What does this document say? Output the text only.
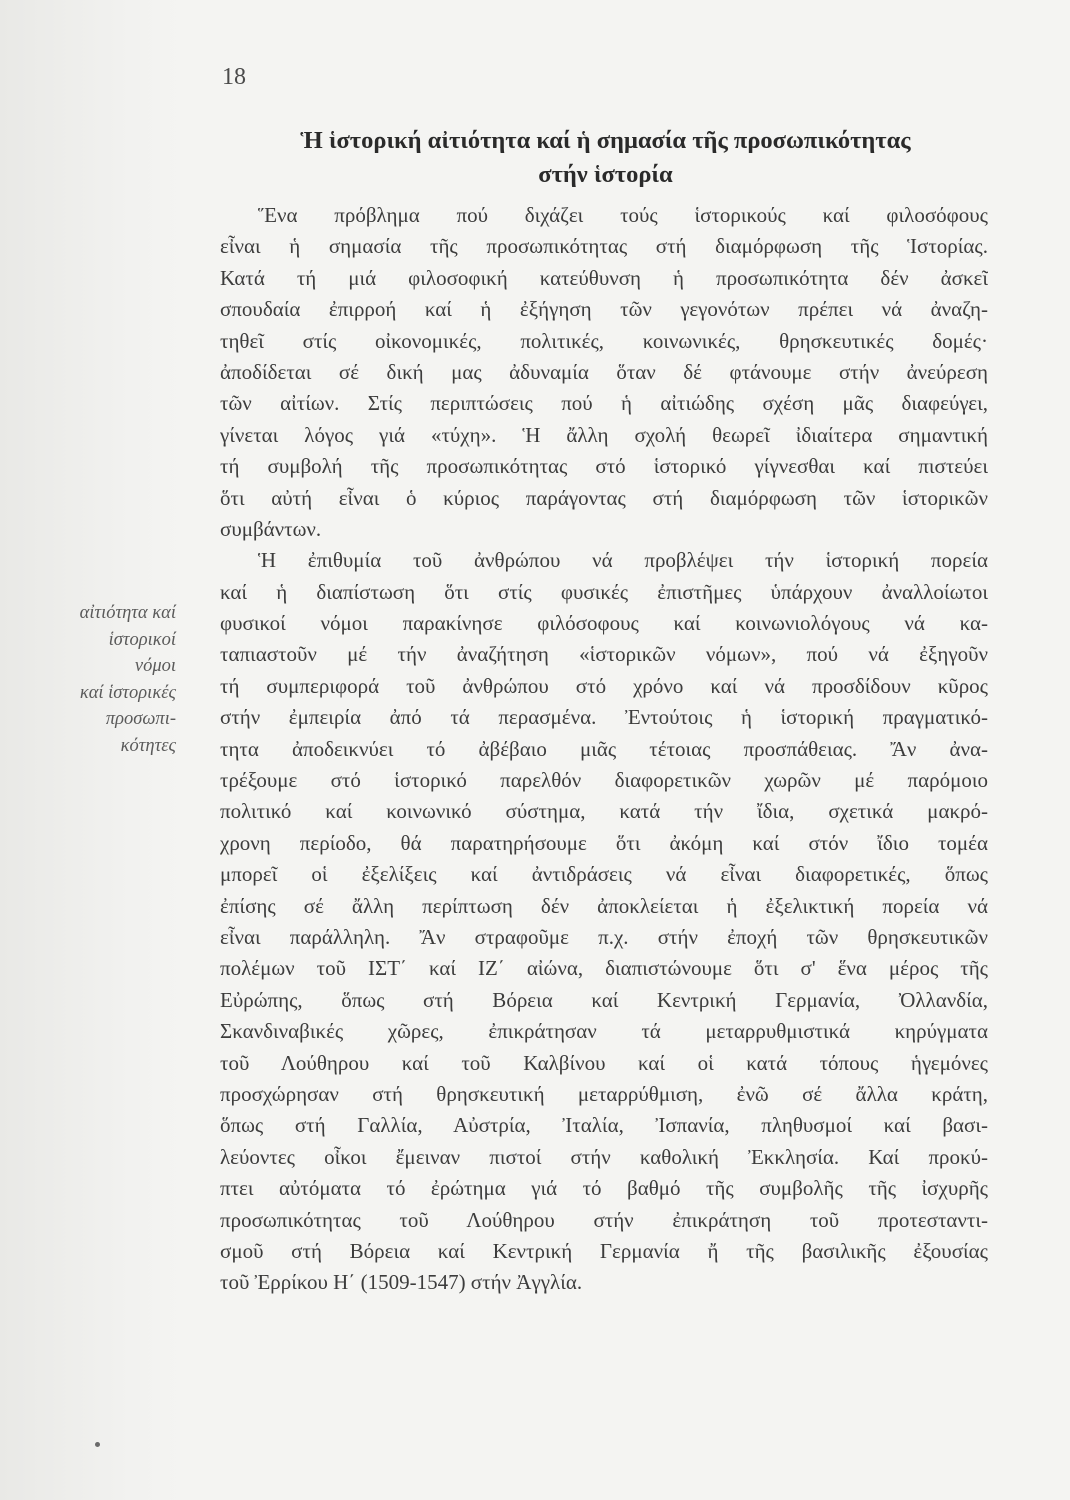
18
Ἡ ἱστορική αἰτιότητα καί ἡ σημασία τῆς προσωπικότητας
στήν ἱστορία
αἰτιότητα καί
ἱστορικοί
νόμοι
καί ἱστορικές
προσωπι-
κότητες
Ἕνα πρόβλημα πού διχάζει τούς ἱστορικούς καί φιλοσόφους
εἶναι ἡ σημασία τῆς προσωπικότητας στή διαμόρφωση τῆς Ἱστορίας.
Κατά τή μιά φιλοσοφική κατεύθυνση ἡ προσωπικότητα δέν ἀσκεῖ
σπουδαία ἐπιρροή καί ἡ ἐξήγηση τῶν γεγονότων πρέπει νά ἀναζη-
τηθεῖ στίς οἰκονομικές, πολιτικές, κοινωνικές, θρησκευτικές δομές·
ἀποδίδεται σέ δική μας ἀδυναμία ὅταν δέ φτάνουμε στήν ἀνεύρεση
τῶν αἰτίων. Στίς περιπτώσεις πού ἡ αἰτιώδης σχέση μᾶς διαφεύγει,
γίνεται λόγος γιά «τύχη». Ἡ ἄλλη σχολή θεωρεῖ ἰδιαίτερα σημαντική
τή συμβολή τῆς προσωπικότητας στό ἱστορικό γίγνεσθαι καί πιστεύει
ὅτι αὐτή εἶναι ὁ κύριος παράγοντας στή διαμόρφωση τῶν ἱστορικῶν
συμβάντων.
Ἡ ἐπιθυμία τοῦ ἀνθρώπου νά προβλέψει τήν ἱστορική πορεία
καί ἡ διαπίστωση ὅτι στίς φυσικές ἐπιστῆμες ὑπάρχουν ἀναλλοίωτοι
φυσικοί νόμοι παρακίνησε φιλόσοφους καί κοινωνιολόγους νά κα-
ταπιαστοῦν μέ τήν ἀναζήτηση «ἱστορικῶν νόμων», πού νά ἐξηγοῦν
τή συμπεριφορά τοῦ ἀνθρώπου στό χρόνο καί νά προσδίδουν κῦρος
στήν ἐμπειρία ἀπό τά περασμένα. Ἐντούτοις ἡ ἱστορική πραγματικό-
τητα ἀποδεικνύει τό ἀβέβαιο μιᾶς τέτοιας προσπάθειας. Ἄν ἀνα-
τρέξουμε στό ἱστορικό παρελθόν διαφορετικῶν χωρῶν μέ παρόμοιο
πολιτικό καί κοινωνικό σύστημα, κατά τήν ἴδια, σχετικά μακρό-
χρονη περίοδο, θά παρατηρήσουμε ὅτι ἀκόμη καί στόν ἴδιο τομέα
μπορεῖ οἱ ἐξελίξεις καί ἀντιδράσεις νά εἶναι διαφορετικές, ὅπως
ἐπίσης σέ ἄλλη περίπτωση δέν ἀποκλείεται ἡ ἐξελικτική πορεία νά
εἶναι παράλληλη. Ἄν στραφοῦμε π.χ. στήν ἐποχή τῶν θρησκευτικῶν
πολέμων τοῦ ΙΣΤ΄ καί ΙΖ΄ αἰώνα, διαπιστώνουμε ὅτι σ' ἕνα μέρος τῆς
Εὐρώπης, ὅπως στή Βόρεια καί Κεντρική Γερμανία, Ὀλλανδία,
Σκανδιναβικές χῶρες, ἐπικράτησαν τά μεταρρυθμιστικά κηρύγματα
τοῦ Λούθηρου καί τοῦ Καλβίνου καί οἱ κατά τόπους ἡγεμόνες
προσχώρησαν στή θρησκευτική μεταρρύθμιση, ἐνῶ σέ ἄλλα κράτη,
ὅπως στή Γαλλία, Αὐστρία, Ἰταλία, Ἰσπανία, πληθυσμοί καί βασι-
λεύοντες οἶκοι ἔμειναν πιστοί στήν καθολική Ἐκκλησία. Καί προκύ-
πτει αὐτόματα τό ἐρώτημα γιά τό βαθμό τῆς συμβολῆς τῆς ἰσχυρῆς
προσωπικότητας τοῦ Λούθηρου στήν ἐπικράτηση τοῦ προτεσταντι-
σμοῦ στή Βόρεια καί Κεντρική Γερμανία ἤ τῆς βασιλικῆς ἐξουσίας
τοῦ Ἐρρίκου Η΄ (1509-1547) στήν Ἀγγλία.
